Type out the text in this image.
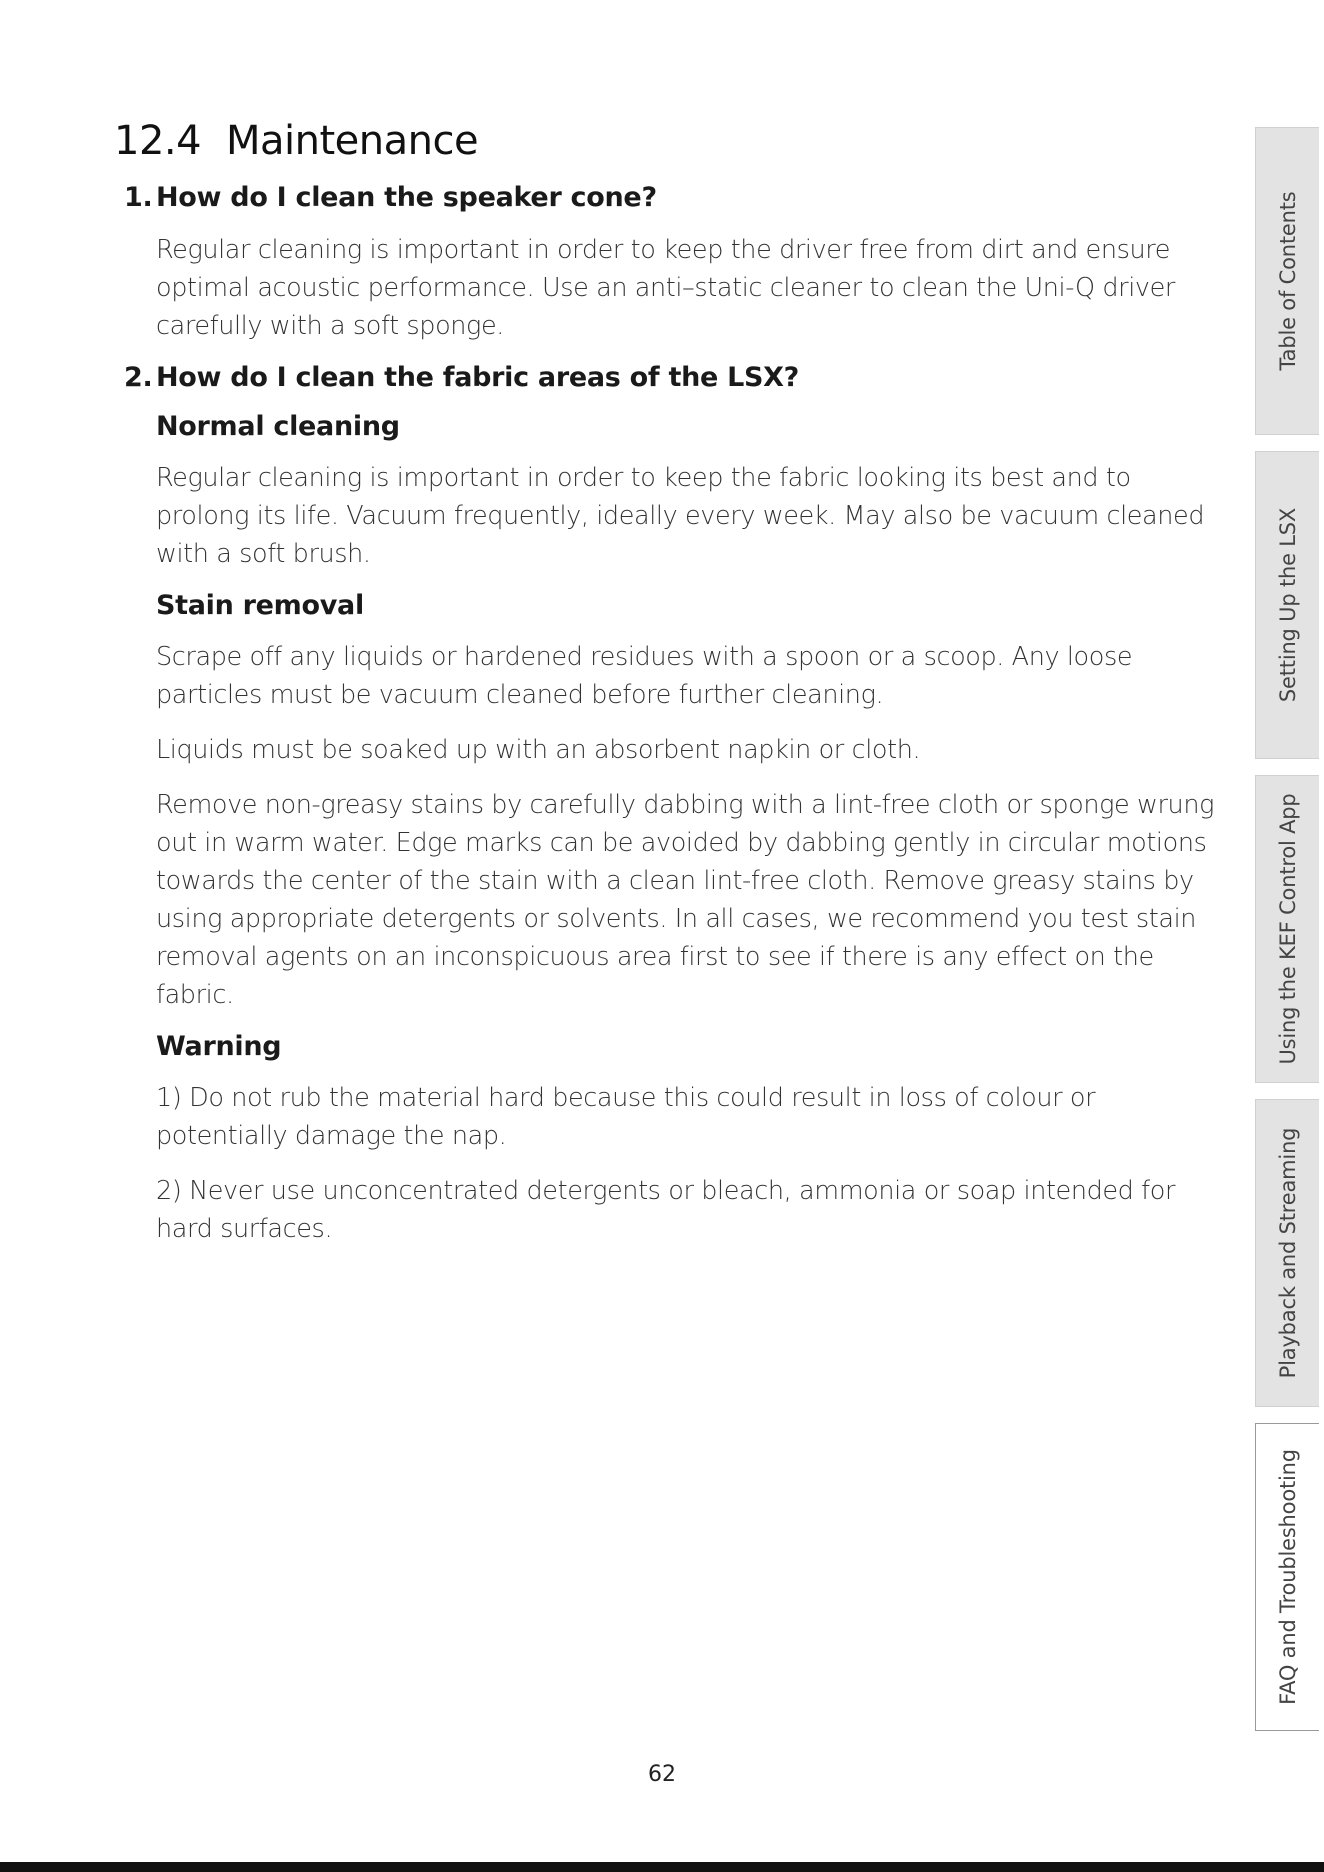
12.4 Maintenance
1. How do I clean the speaker cone?

Regular cleaning is important in order to keep the driver free from dirt and ensure optimal acoustic performance. Use an anti–static cleaner to clean the Uni-Q driver carefully with a soft sponge.

2. How do I clean the fabric areas of the LSX?
Normal cleaning

Regular cleaning is important in order to keep the fabric looking its best and to prolong its life. Vacuum frequently, ideally every week. May also be vacuum cleaned with a soft brush.

Stain removal

Scrape off any liquids or hardened residues with a spoon or a scoop. Any loose particles must be vacuum cleaned before further cleaning.

Liquids must be soaked up with an absorbent napkin or cloth.

Remove non-greasy stains by carefully dabbing with a lint-free cloth or sponge wrung out in warm water. Edge marks can be avoided by dabbing gently in circular motions towards the center of the stain with a clean lint-free cloth. Remove greasy stains by using appropriate detergents or solvents. In all cases, we recommend you test stain removal agents on an inconspicuous area first to see if there is any effect on the fabric.

Warning

1) Do not rub the material hard because this could result in loss of colour or potentially damage the nap.

2) Never use unconcentrated detergents or bleach, ammonia or soap intended for hard surfaces.

Table of Contents
Setting Up the LSX
Using the KEF Control App
Playback and Streaming
FAQ and Troubleshooting
62
